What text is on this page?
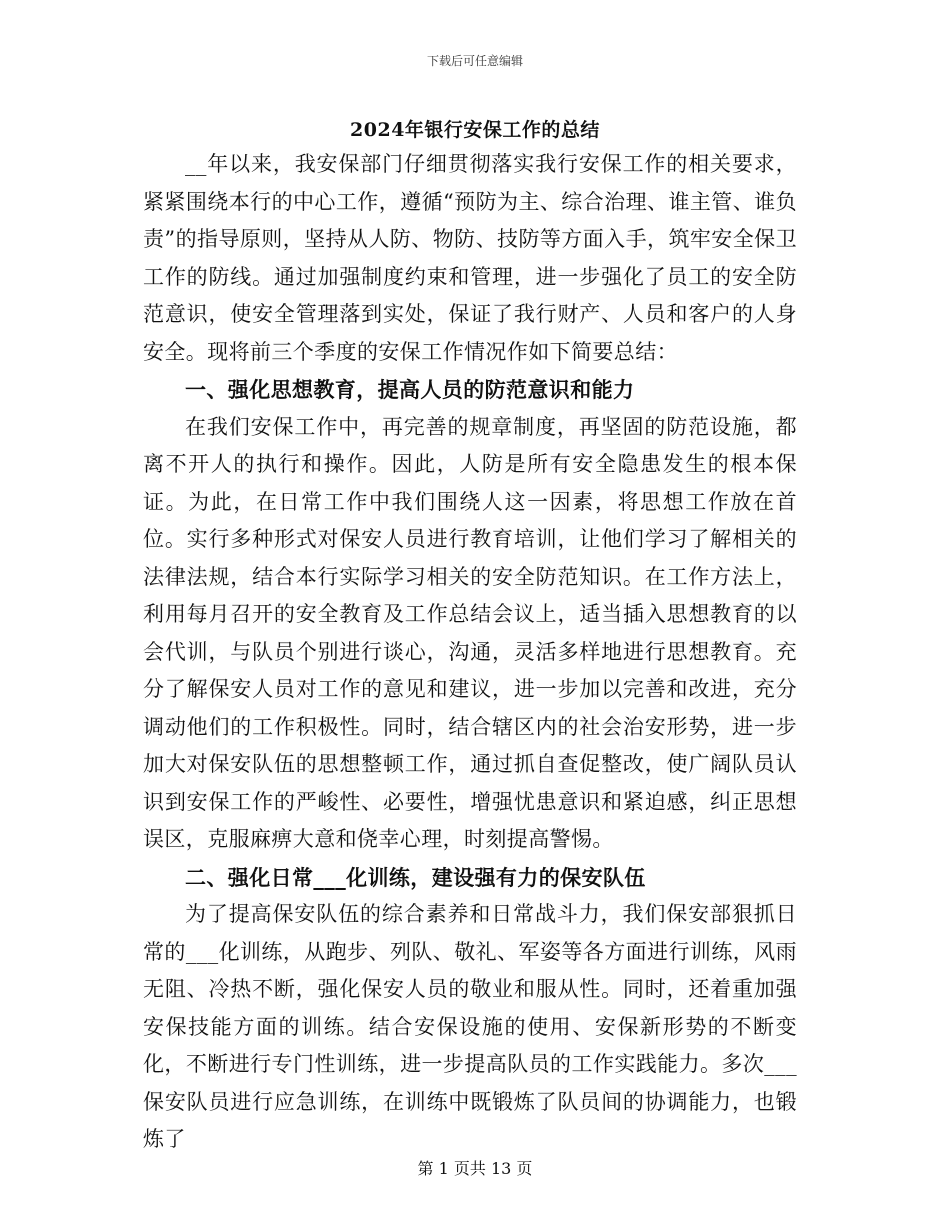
下载后可任意编辑
2024年银行安保工作的总结

__年以来，我安保部门仔细贯彻落实我行安保工作的相关要求，紧紧围绕本行的中心工作，遵循“预防为主、综合治理、谁主管、谁负责”的指导原则，坚持从人防、物防、技防等方面入手，筑牢安全保卫工作的防线。通过加强制度约束和管理，进一步强化了员工的安全防范意识，使安全管理落到实处，保证了我行财产、人员和客户的人身安全。现将前三个季度的安保工作情况作如下简要总结：

一、强化思想教育，提高人员的防范意识和能力

在我们安保工作中，再完善的规章制度，再坚固的防范设施，都离不开人的执行和操作。因此，人防是所有安全隐患发生的根本保证。为此，在日常工作中我们围绕人这一因素，将思想工作放在首位。实行多种形式对保安人员进行教育培训，让他们学习了解相关的法律法规，结合本行实际学习相关的安全防范知识。在工作方法上，利用每月召开的安全教育及工作总结会议上，适当插入思想教育的以会代训，与队员个别进行谈心，沟通，灵活多样地进行思想教育。充分了解保安人员对工作的意见和建议，进一步加以完善和改进，充分调动他们的工作积极性。同时，结合辖区内的社会治安形势，进一步加大对保安队伍的思想整顿工作，通过抓自查促整改，使广阔队员认识到安保工作的严峻性、必要性，增强忧患意识和紧迫感，纠正思想误区，克服麻痹大意和侥幸心理，时刻提高警惕。

二、强化日常___化训练，建设强有力的保安队伍

为了提高保安队伍的综合素养和日常战斗力，我们保安部狠抓日常的___化训练，从跑步、列队、敬礼、军姿等各方面进行训练，风雨无阻、冷热不断，强化保安人员的敬业和服从性。同时，还着重加强安保技能方面的训练。结合安保设施的使用、安保新形势的不断变化，不断进行专门性训练，进一步提高队员的工作实践能力。多次___保安队员进行应急训练，在训练中既锻炼了队员间的协调能力，也锻炼了

第 1 页共 13 页
